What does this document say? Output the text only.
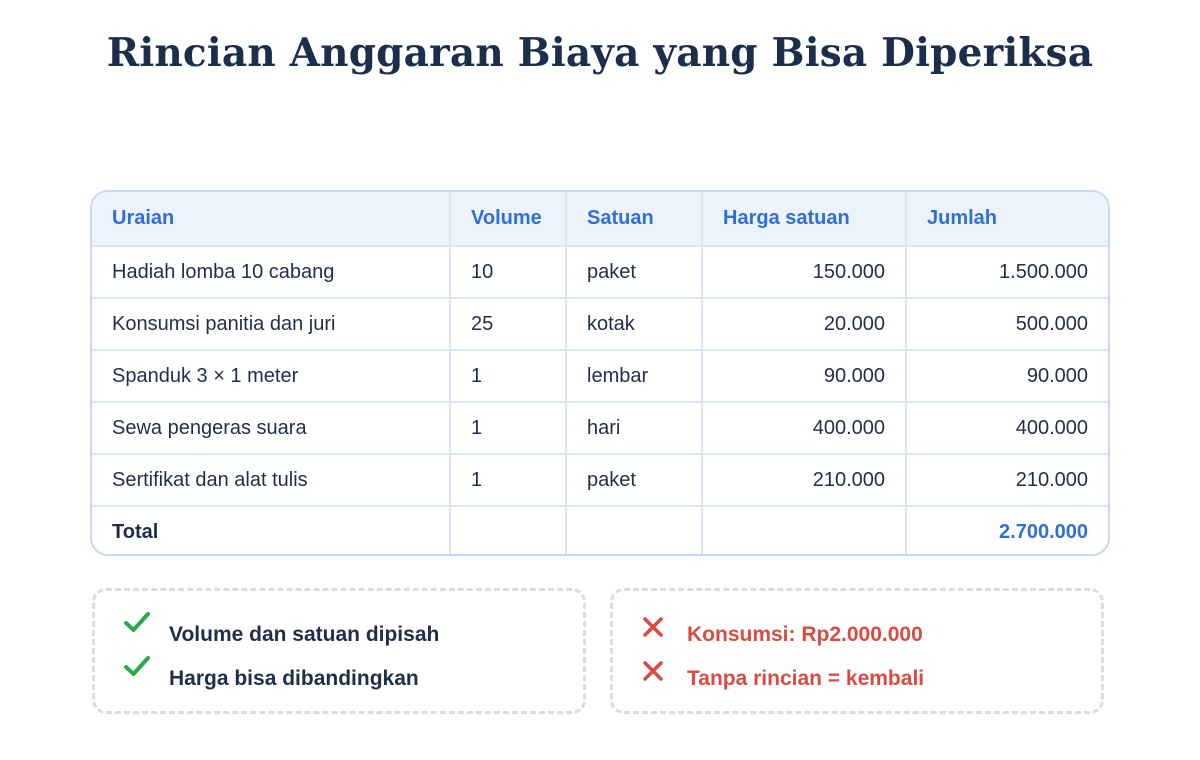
Rincian Anggaran Biaya yang Bisa Diperiksa
Uraian	Volume	Satuan	Harga satuan	Jumlah
Hadiah lomba 10 cabang	10	paket	150.000	1.500.000
Konsumsi panitia dan juri	25	kotak	20.000	500.000
Spanduk 3 × 1 meter	1	lembar	90.000	90.000
Sewa pengeras suara	1	hari	400.000	400.000
Sertifikat dan alat tulis	1	paket	210.000	210.000
Total				2.700.000
Volume dan satuan dipisah
Harga bisa dibandingkan
Konsumsi: Rp2.000.000
Tanpa rincian = kembali
